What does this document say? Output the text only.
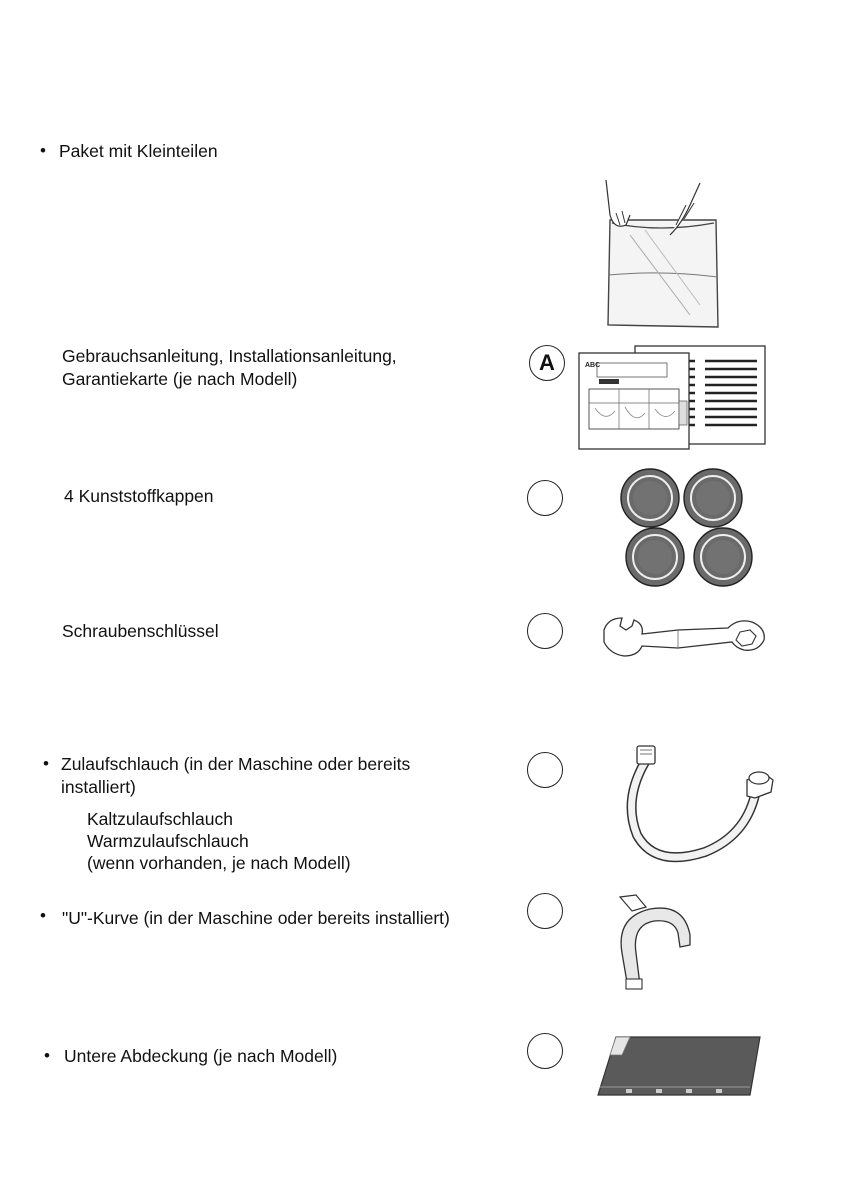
• Paket mit Kleinteilen
Gebrauchsanleitung, Installationsanleitung,
Garantiekarte (je nach Modell)
A	ABC
4 Kunststoffkappen
Schraubenschlüssel
• Zulaufschlauch (in der Maschine oder bereits
installiert)
Kaltzulaufschlauch
Warmzulaufschlauch
(wenn vorhanden, je nach Modell)
• "U"-Kurve (in der Maschine oder bereits installiert)
• Untere Abdeckung (je nach Modell)
